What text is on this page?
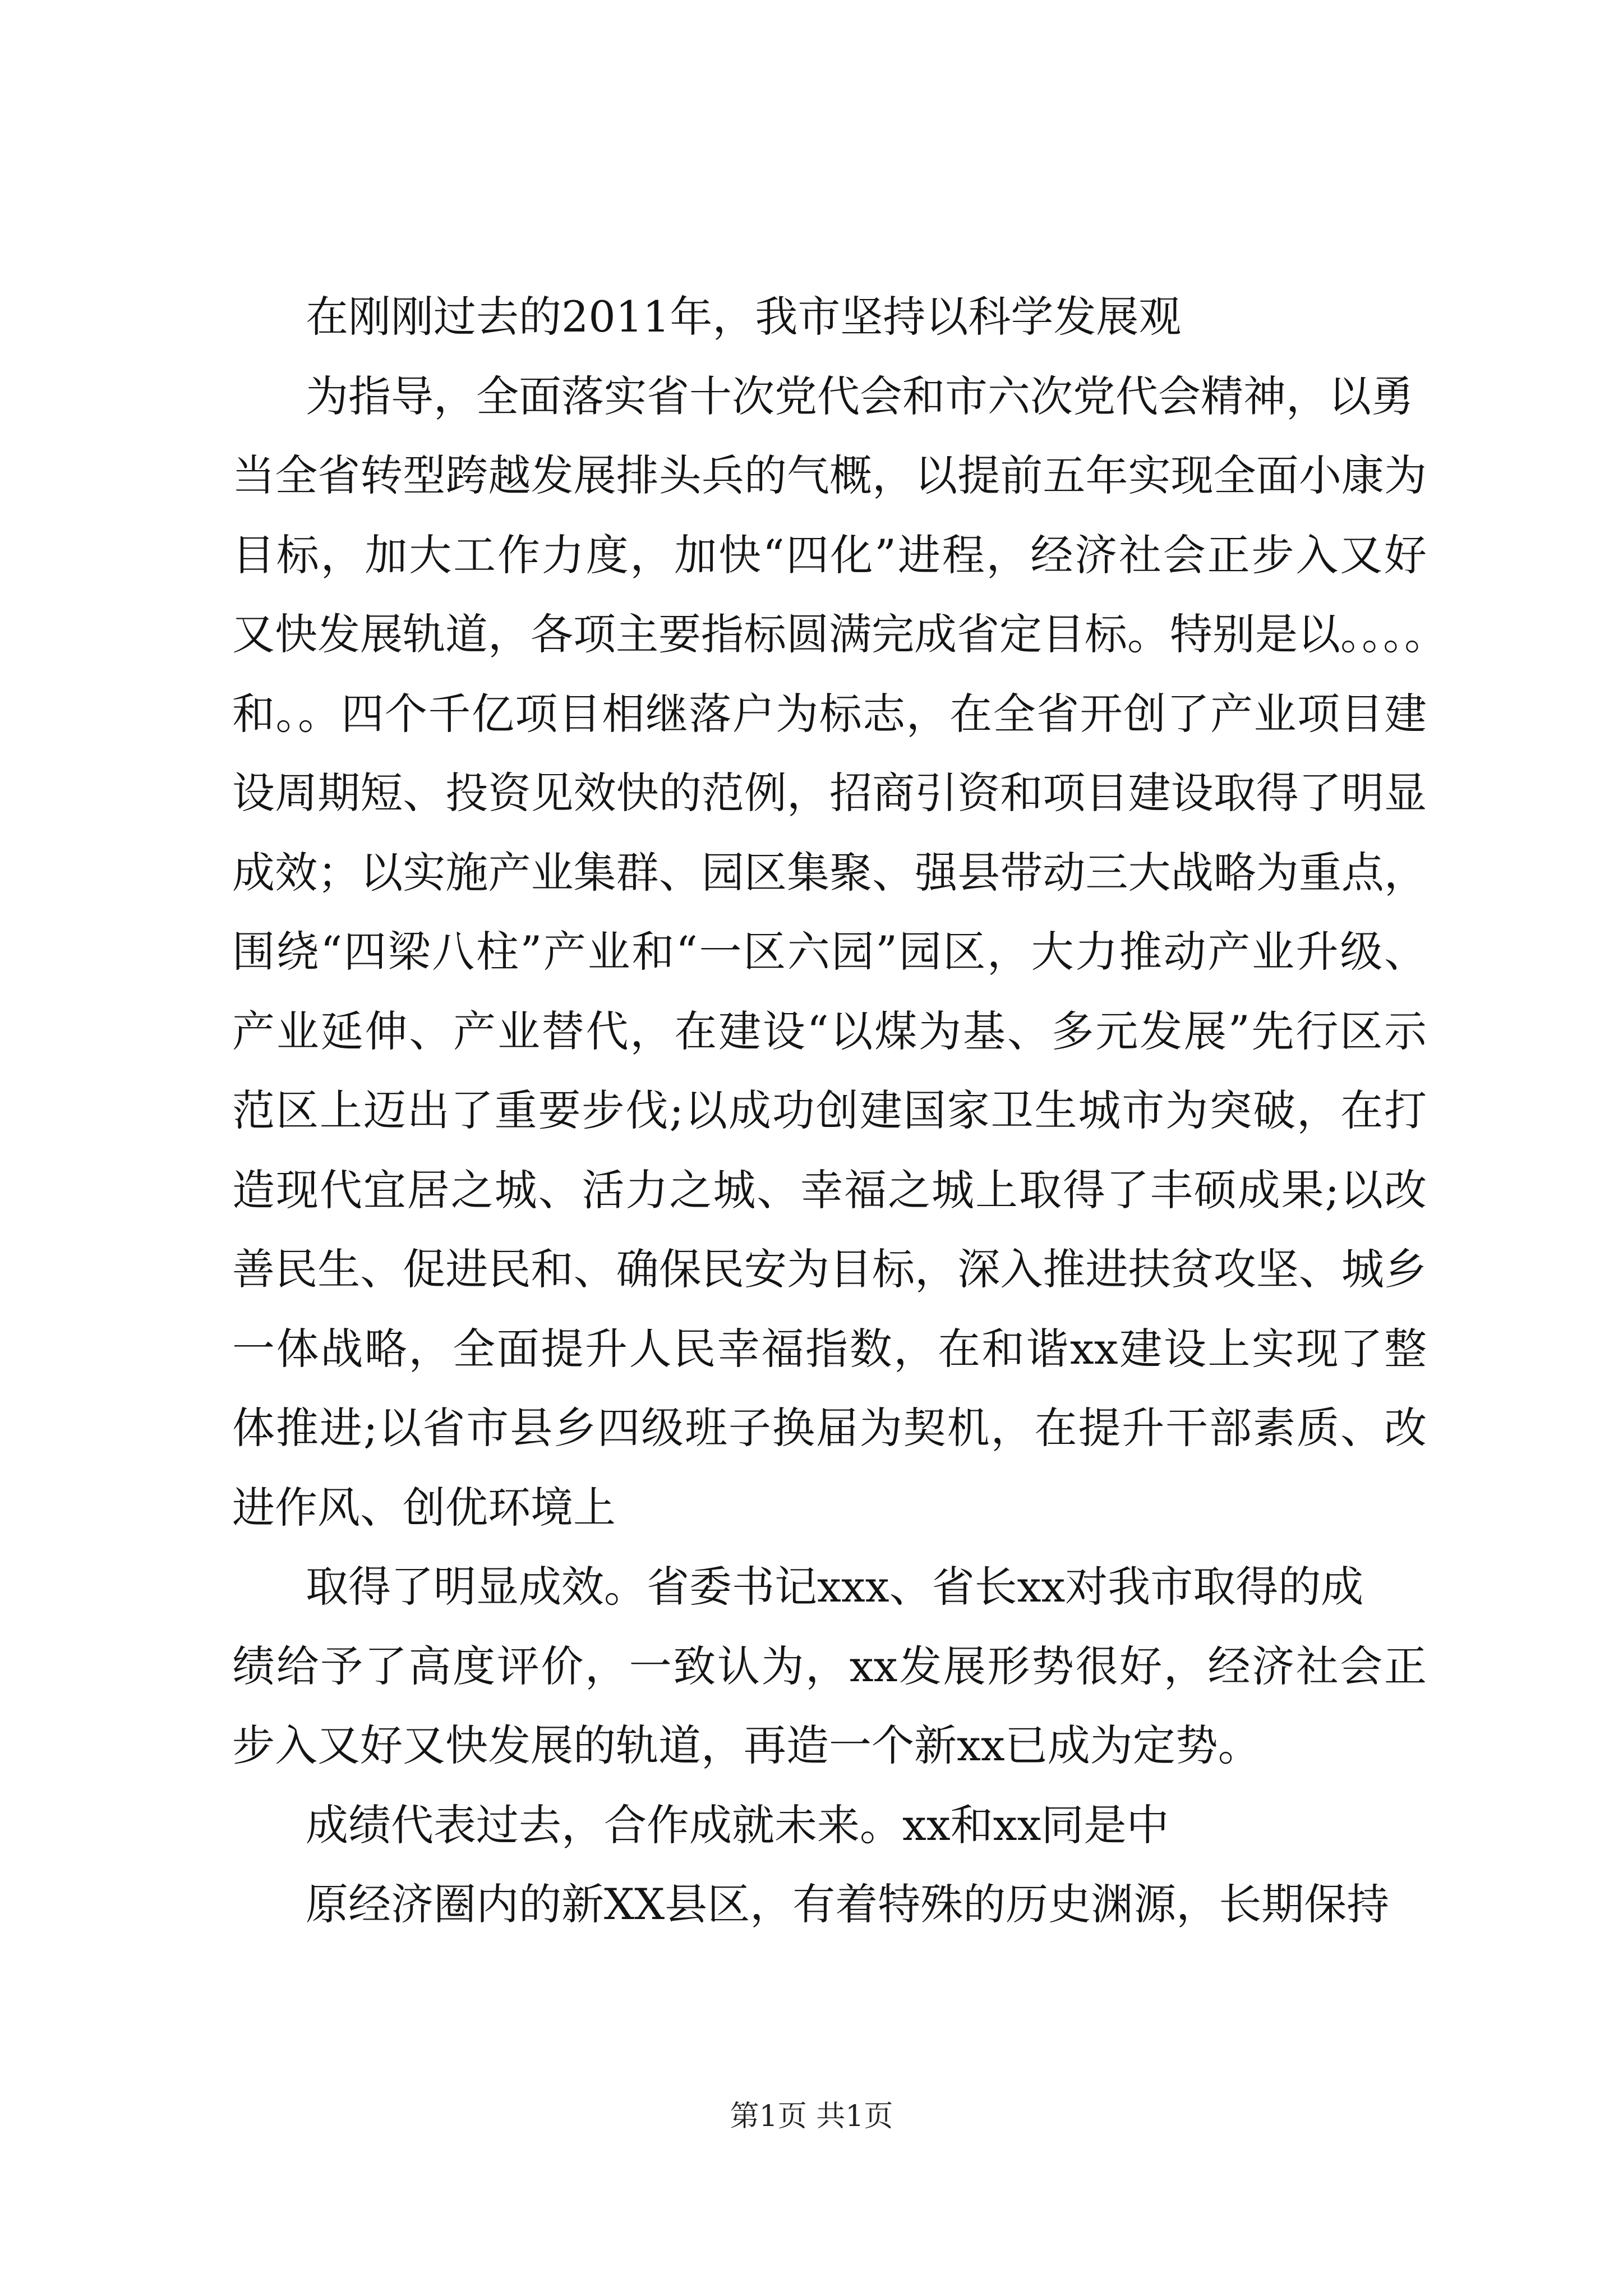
在刚刚过去的2011年，我市坚持以科学发展观
为指导，全面落实省十次党代会和市六次党代会精神，以勇
当全省转型跨越发展排头兵的气概，以提前五年实现全面小康为
目标，加大工作力度，加快“四化”进程，经济社会正步入又好
又快发展轨道，各项主要指标圆满完成省定目标。特别是以。。。。
和。。四个千亿项目相继落户为标志，在全省开创了产业项目建
设周期短、投资见效快的范例，招商引资和项目建设取得了明显
成效；以实施产业集群、园区集聚、强县带动三大战略为重点，
围绕“四梁八柱”产业和“一区六园”园区，大力推动产业升级、
产业延伸、产业替代，在建设“以煤为基、多元发展”先行区示
范区上迈出了重要步伐;以成功创建国家卫生城市为突破，在打
造现代宜居之城、活力之城、幸福之城上取得了丰硕成果;以改
善民生、促进民和、确保民安为目标，深入推进扶贫攻坚、城乡
一体战略，全面提升人民幸福指数，在和谐xx建设上实现了整
体推进;以省市县乡四级班子换届为契机，在提升干部素质、改
进作风、创优环境上
取得了明显成效。省委书记xxx、省长xx对我市取得的成
绩给予了高度评价，一致认为，xx发展形势很好，经济社会正
步入又好又快发展的轨道，再造一个新xx已成为定势。
成绩代表过去，合作成就未来。xx和xx同是中
原经济圈内的新XX县区，有着特殊的历史渊源，长期保持
第1页 共1页
